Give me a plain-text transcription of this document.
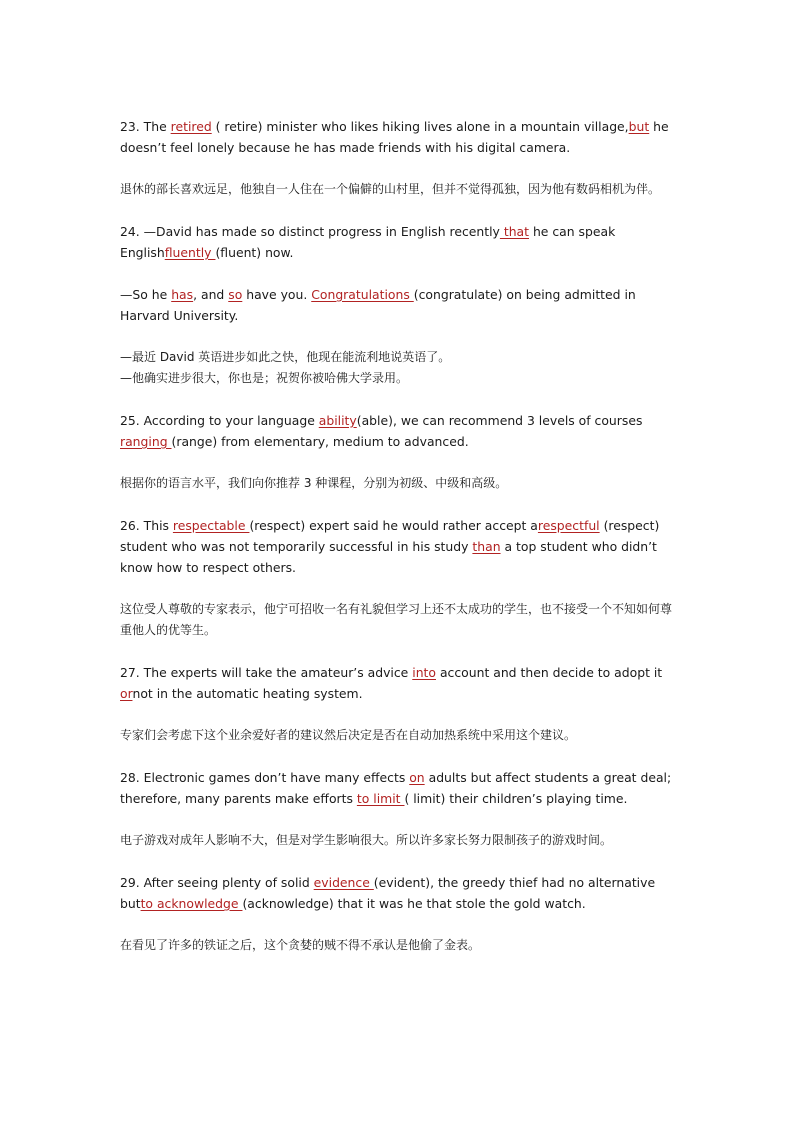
23. The retired ( retire) minister who likes hiking lives alone in a mountain village,but he doesn’t feel lonely because he has made friends with his digital camera.

退休的部长喜欢远足，他独自一人住在一个偏僻的山村里，但并不觉得孤独，因为他有数码相机为伴。

24. —David has made so distinct progress in English recently that he can speak Englishfluently (fluent) now.

—So he has, and so have you. Congratulations (congratulate) on being admitted in Harvard University.

—最近 David 英语进步如此之快，他现在能流利地说英语了。

—他确实进步很大，你也是；祝贺你被哈佛大学录用。

25. According to your language ability(able), we can recommend 3 levels of courses ranging (range) from elementary, medium to advanced.

根据你的语言水平，我们向你推荐 3 种课程，分别为初级、中级和高级。

26. This respectable (respect) expert said he would rather accept arespectful (respect) student who was not temporarily successful in his study than a top student who didn’t know how to respect others.

这位受人尊敬的专家表示，他宁可招收一名有礼貌但学习上还不太成功的学生，也不接受一个不知如何尊重他人的优等生。

27. The experts will take the amateur’s advice into account and then decide to adopt it ornot in the automatic heating system.

专家们会考虑下这个业余爱好者的建议然后决定是否在自动加热系统中采用这个建议。

28. Electronic games don’t have many effects on adults but affect students a great deal; therefore, many parents make efforts to limit ( limit) their children’s playing time.

电子游戏对成年人影响不大，但是对学生影响很大。所以许多家长努力限制孩子的游戏时间。

29. After seeing plenty of solid evidence (evident), the greedy thief had no alternative butto acknowledge (acknowledge) that it was he that stole the gold watch.

在看见了许多的铁证之后，这个贪婪的贼不得不承认是他偷了金表。
